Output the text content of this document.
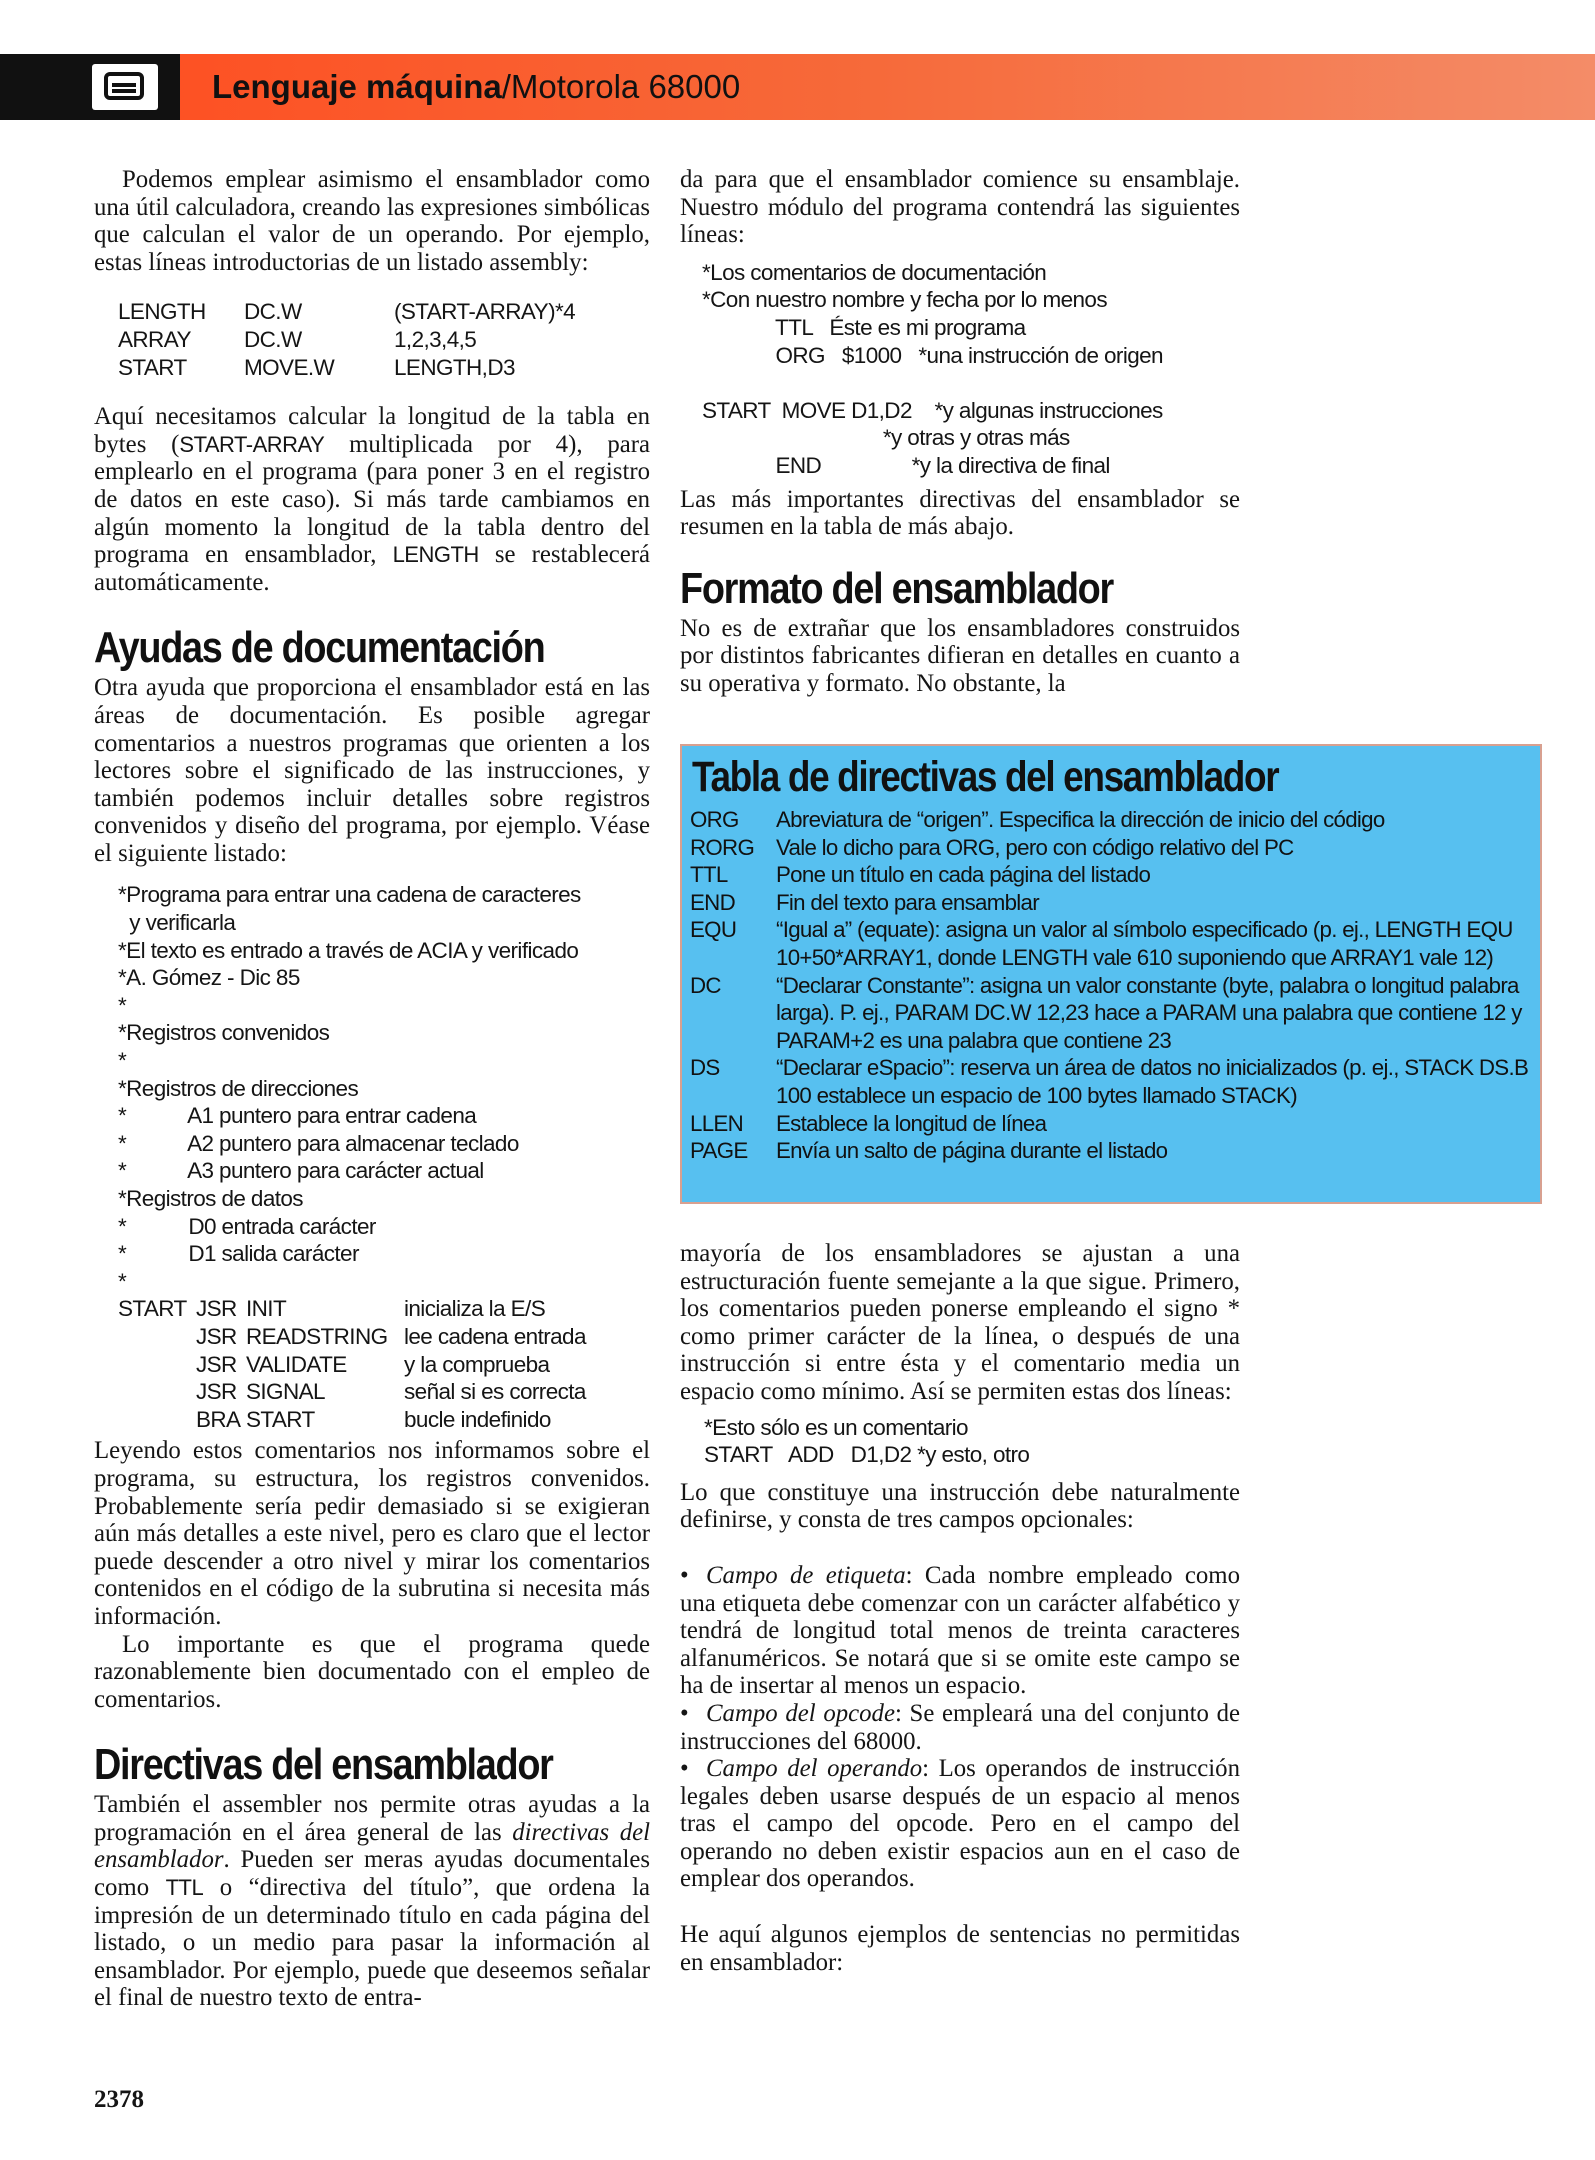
Lenguaje máquina/Motorola 68000

Podemos emplear asimismo el ensamblador como una útil calculadora, creando las expresiones simbólicas que calculan el valor de un operando. Por ejemplo, estas líneas introductorias de un listado assembly:

LENGTH	DC.W	(START-ARRAY)*4
ARRAY	DC.W	1,2,3,4,5
START	MOVE.W	LENGTH,D3

Aquí necesitamos calcular la longitud de la tabla en bytes (START-ARRAY multiplicada por 4), para emplearlo en el programa (para poner 3 en el registro de datos en este caso). Si más tarde cambiamos en algún momento la longitud de la tabla dentro del programa en ensamblador, LENGTH se restablecerá automáticamente.

Ayudas de documentación

Otra ayuda que proporciona el ensamblador está en las áreas de documentación. Es posible agregar comentarios a nuestros programas que orienten a los lectores sobre el significado de las instrucciones, y también podemos incluir detalles sobre registros convenidos y diseño del programa, por ejemplo. Véase el siguiente listado:

*Programa para entrar una cadena de caracteres
y verificarla
*El texto es entrado a través de ACIA y verificado
*A. Gómez - Dic 85
*
*Registros convenidos
*
*Registros de direcciones
*           A1 puntero para entrar cadena
*           A2 puntero para almacenar teclado
*           A3 puntero para carácter actual
*Registros de datos
*           D0 entrada carácter
*           D1 salida carácter
*
START JSR INIT	inicializa la E/S
JSR READSTRING lee cadena entrada
JSR VALIDATE	y la comprueba
JSR SIGNAL	señal si es correcta
BRA START	bucle indefinido

Leyendo estos comentarios nos informamos sobre el programa, su estructura, los registros convenidos. Probablemente sería pedir demasiado si se exigieran aún más detalles a este nivel, pero es claro que el lector puede descender a otro nivel y mirar los comentarios contenidos en el código de la subrutina si necesita más información.

Lo importante es que el programa quede razonablemente bien documentado con el empleo de comentarios.

Directivas del ensamblador

También el assembler nos permite otras ayudas a la programación en el área general de las directivas del ensamblador. Pueden ser meras ayudas documentales como TTL o “directiva del título”, que ordena la impresión de un determinado título en cada página del listado, o un medio para pasar la información al ensamblador. Por ejemplo, puede que deseemos señalar el final de nuestro texto de entra-

da para que el ensamblador comience su ensamblaje. Nuestro módulo del programa contendrá las siguientes líneas:

*Los comentarios de documentación
*Con nuestro nombre y fecha por lo menos
TTL   Éste es mi programa
ORG   $1000   *una instrucción de origen
START  MOVE D1,D2    *y algunas instrucciones
*y otras y otras más
END                *y la directiva de final

Las más importantes directivas del ensamblador se resumen en la tabla de más abajo.

Formato del ensamblador

No es de extrañar que los ensambladores construidos por distintos fabricantes difieran en detalles en cuanto a su operativa y formato. No obstante, la

Tabla de directivas del ensamblador
ORG	Abreviatura de “origen”. Especifica la dirección de inicio del código
RORG Vale lo dicho para ORG, pero con código relativo del PC
TTL	Pone un título en cada página del listado
END	Fin del texto para ensamblar
EQU	“Igual a” (equate): asigna un valor al símbolo especificado (p. ej., LENGTH EQU 10+50*ARRAY1, donde LENGTH vale 610 suponiendo que ARRAY1 vale 12)
DC	“Declarar Constante”: asigna un valor constante (byte, palabra o longitud palabra larga). P. ej., PARAM DC.W 12,23 hace a PARAM una palabra que contiene 12 y PARAM+2 es una palabra que contiene 23
DS	“Declarar eSpacio”: reserva un área de datos no inicializados (p. ej., STACK DS.B 100 establece un espacio de 100 bytes llamado STACK)
LLEN	Establece la longitud de línea
PAGE	Envía un salto de página durante el listado

mayoría de los ensambladores se ajustan a una estructuración fuente semejante a la que sigue. Primero, los comentarios pueden ponerse empleando el signo * como primer carácter de la línea, o después de una instrucción si entre ésta y el comentario media un espacio como mínimo. Así se permiten estas dos líneas:

*Esto sólo es un comentario
START   ADD   D1,D2 *y esto, otro

Lo que constituye una instrucción debe naturalmente definirse, y consta de tres campos opcionales:

• Campo de etiqueta: Cada nombre empleado como una etiqueta debe comenzar con un carácter alfabético y tendrá de longitud total menos de treinta caracteres alfanuméricos. Se notará que si se omite este campo se ha de insertar al menos un espacio.

• Campo del opcode: Se empleará una del conjunto de instrucciones del 68000.

• Campo del operando: Los operandos de instrucción legales deben usarse después de un espacio al menos tras el campo del opcode. Pero en el campo del operando no deben existir espacios aun en el caso de emplear dos operandos.

He aquí algunos ejemplos de sentencias no permitidas en ensamblador:

2378
